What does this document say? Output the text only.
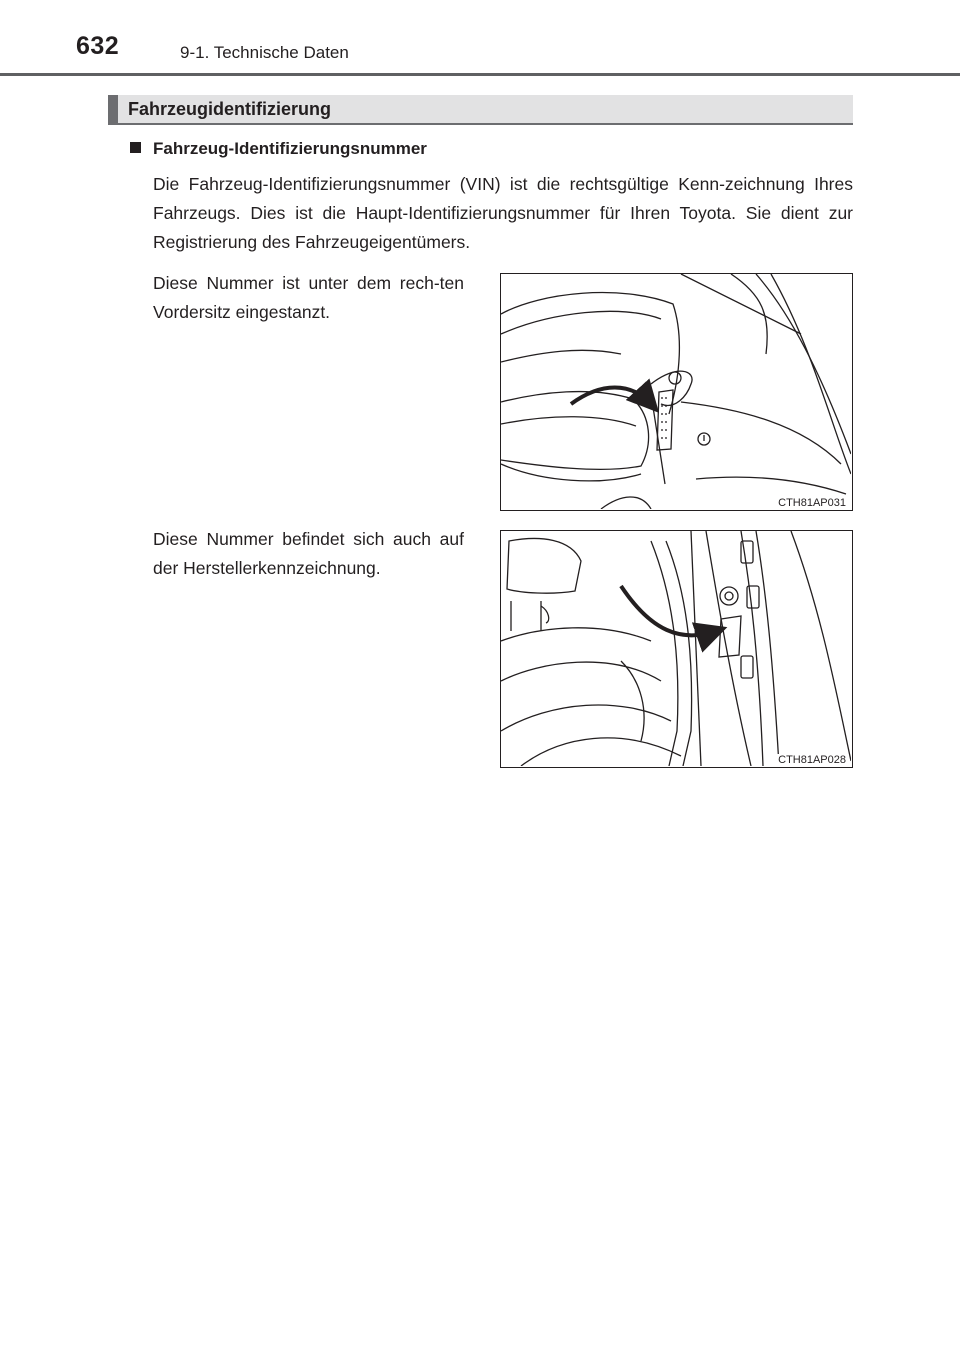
632	9-1. Technische Daten
Fahrzeugidentifizierung
Fahrzeug-Identifizierungsnummer

Die Fahrzeug-Identifizierungsnummer (VIN) ist die rechtsgültige Kenn-zeichnung Ihres Fahrzeugs. Dies ist die Haupt-Identifizierungsnummer für Ihren Toyota. Sie dient zur Registrierung des Fahrzeugeigentümers.

Diese Nummer ist unter dem rech-ten Vordersitz eingestanzt.

CTH81AP031

Diese Nummer befindet sich auch auf der Herstellerkennzeichnung.

CTH81AP028
